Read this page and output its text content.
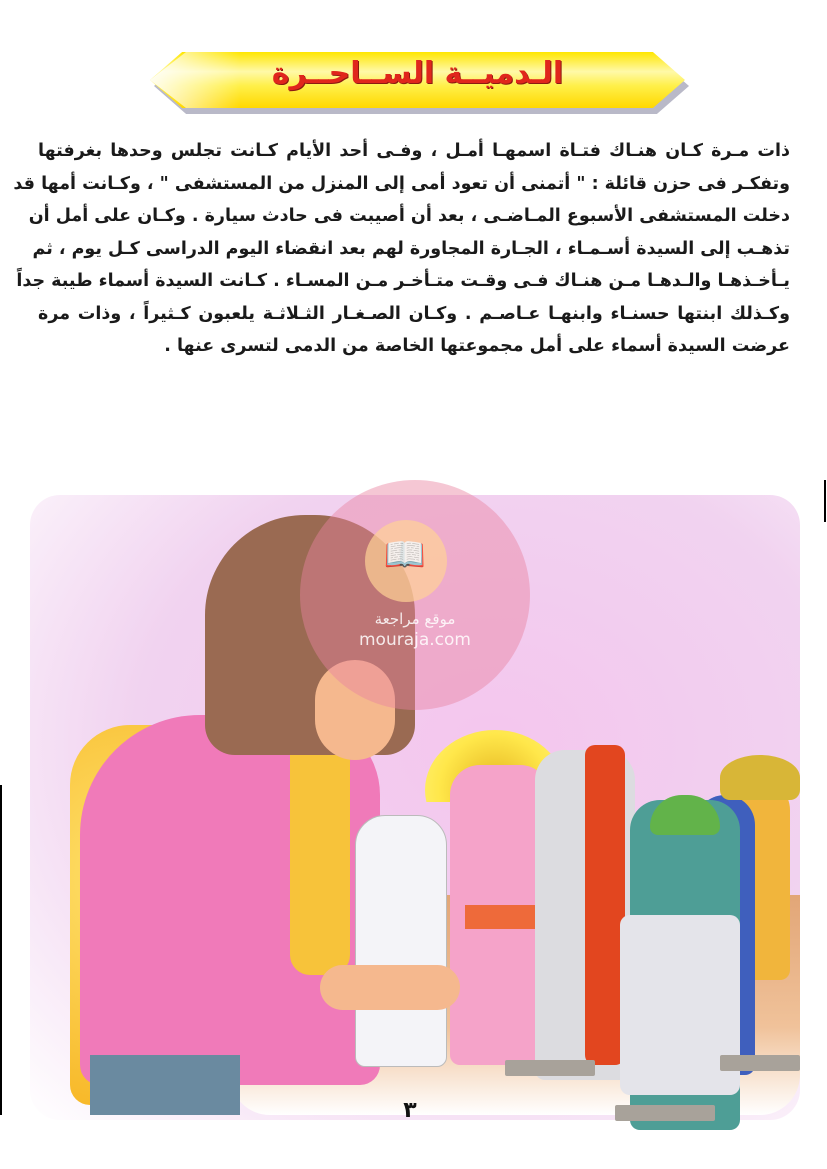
الـدميــة الســاحــرة

ذات مـرة كـان هنـاك فتـاة اسمهـا أمـل ، وفـى أحد الأيام كـانت تجلس وحدها بغرفتها
وتفكـر فى حزن قائلة : " أتمنى أن تعود أمى إلى المنزل من المستشفى " ، وكـانت أمها قد
دخلت المستشفى الأسبوع المـاضـى ، بعد أن أصيبت فى حادث سيارة . وكـان على أمل أن
تذهـب إلى السيدة أسـمـاء ، الجـارة المجاورة لهم بعد انقضاء اليوم الدراسى كـل يوم ، ثم
يـأخـذهـا والـدهـا مـن هنـاك فـى وقـت متـأخـر مـن المسـاء . كـانت السيدة أسماء طيبة جداً
وكـذلك ابنتها حسنـاء وابنهـا عـاصـم . وكـان الصـغـار الثـلاثـة يلعبون كـثيراً ، وذات مرة
عرضت السيدة أسماء على أمل مجموعتها الخاصة من الدمى لتسرى عنها .

📖
موقع مراجعة
mouraja.com
٣
